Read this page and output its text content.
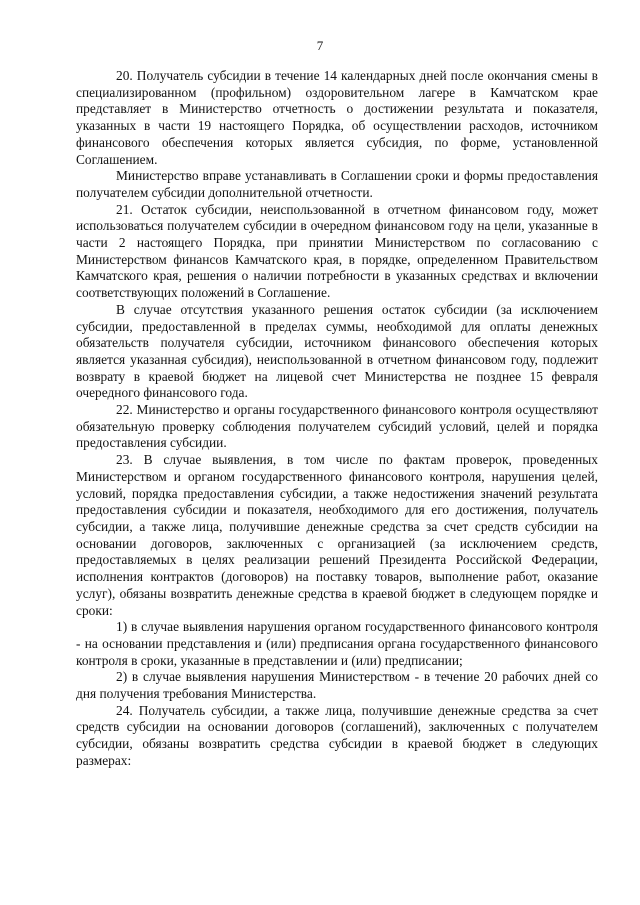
7

20. Получатель субсидии в течение 14 календарных дней после окончания смены в специализированном (профильном) оздоровительном лагере в Камчатском крае представляет в Министерство отчетность о достижении результата и показателя, указанных в части 19 настоящего Порядка, об осуществлении расходов, источником финансового обеспечения которых является субсидия, по форме, установленной Соглашением.

Министерство вправе устанавливать в Соглашении сроки и формы предоставления получателем субсидии дополнительной отчетности.

21. Остаток субсидии, неиспользованной в отчетном финансовом году, может использоваться получателем субсидии в очередном финансовом году на цели, указанные в части 2 настоящего Порядка, при принятии Министерством по согласованию с Министерством финансов Камчатского края, в порядке, определенном Правительством Камчатского края, решения о наличии потребности в указанных средствах и включении соответствующих положений в Соглашение.

В случае отсутствия указанного решения остаток субсидии (за исключением субсидии, предоставленной в пределах суммы, необходимой для оплаты денежных обязательств получателя субсидии, источником финансового обеспечения которых является указанная субсидия), неиспользованной в отчетном финансовом году, подлежит возврату в краевой бюджет на лицевой счет Министерства не позднее 15 февраля очередного финансового года.

22. Министерство и органы государственного финансового контроля осуществляют обязательную проверку соблюдения получателем субсидий условий, целей и порядка предоставления субсидии.

23. В случае выявления, в том числе по фактам проверок, проведенных Министерством и органом государственного финансового контроля, нарушения целей, условий, порядка предоставления субсидии, а также недостижения значений результата предоставления субсидии и показателя, необходимого для его достижения, получатель субсидии, а также лица, получившие денежные средства за счет средств субсидии на основании договоров, заключенных с организацией (за исключением средств, предоставляемых в целях реализации решений Президента Российской Федерации, исполнения контрактов (договоров) на поставку товаров, выполнение работ, оказание услуг), обязаны возвратить денежные средства в краевой бюджет в следующем порядке и сроки:

1) в случае выявления нарушения органом государственного финансового контроля - на основании представления и (или) предписания органа государственного финансового контроля в сроки, указанные в представлении и (или) предписании;

2) в случае выявления нарушения Министерством - в течение 20 рабочих дней со дня получения требования Министерства.

24. Получатель субсидии, а также лица, получившие денежные средства за счет средств субсидии на основании договоров (соглашений), заключенных с получателем субсидии, обязаны возвратить средства субсидии в краевой бюджет в следующих размерах:
